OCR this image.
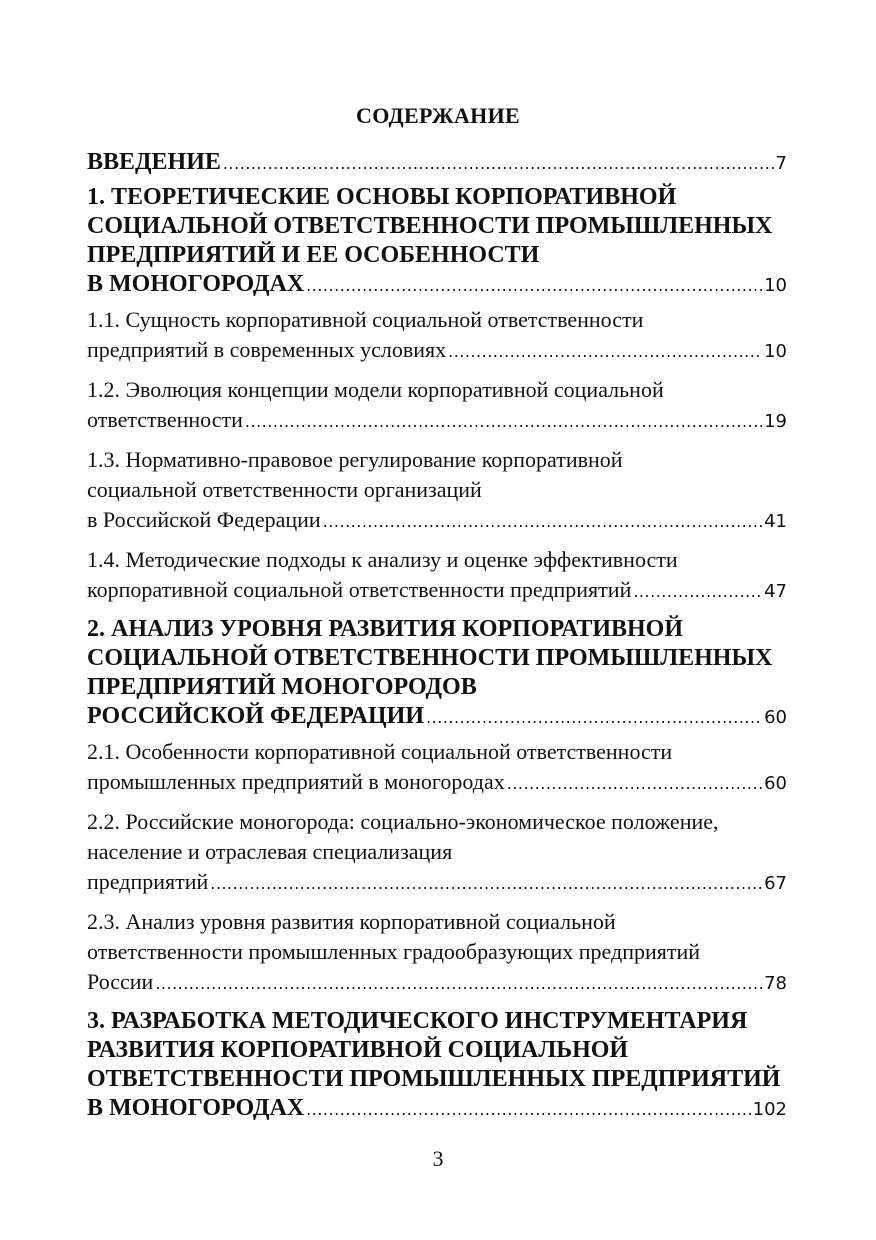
СОДЕРЖАНИЕ
ВВЕДЕНИЕ .....	7
1. ТЕОРЕТИЧЕСКИЕ ОСНОВЫ КОРПОРАТИВНОЙ
СОЦИАЛЬНОЙ ОТВЕТСТВЕННОСТИ ПРОМЫШЛЕННЫХ
ПРЕДПРИЯТИЙ И ЕЕ ОСОБЕННОСТИ
В МОНОГОРОДАХ .....	10
1.1. Сущность корпоративной социальной ответственности
предприятий в современных условиях .....	10
1.2. Эволюция концепции модели корпоративной социальной
ответственности .....	19
1.3. Нормативно-правовое регулирование корпоративной
социальной ответственности организаций
в Российской Федерации .....	41
1.4. Методические подходы к анализу и оценке эффективности
корпоративной социальной ответственности предприятий .....	47
2. АНАЛИЗ УРОВНЯ РАЗВИТИЯ КОРПОРАТИВНОЙ
СОЦИАЛЬНОЙ ОТВЕТСТВЕННОСТИ ПРОМЫШЛЕННЫХ
ПРЕДПРИЯТИЙ МОНОГОРОДОВ
РОССИЙСКОЙ ФЕДЕРАЦИИ .....	60
2.1. Особенности корпоративной социальной ответственности
промышленных предприятий в моногородах .....	60
2.2. Российские моногорода: социально-экономическое положение,
население и отраслевая специализация
предприятий .....	67
2.3. Анализ уровня развития корпоративной социальной
ответственности промышленных градообразующих предприятий
России .....	78
3. РАЗРАБОТКА МЕТОДИЧЕСКОГО ИНСТРУМЕНТАРИЯ
РАЗВИТИЯ КОРПОРАТИВНОЙ СОЦИАЛЬНОЙ
ОТВЕТСТВЕННОСТИ ПРОМЫШЛЕННЫХ ПРЕДПРИЯТИЙ
В МОНОГОРОДАХ .....	102
3
